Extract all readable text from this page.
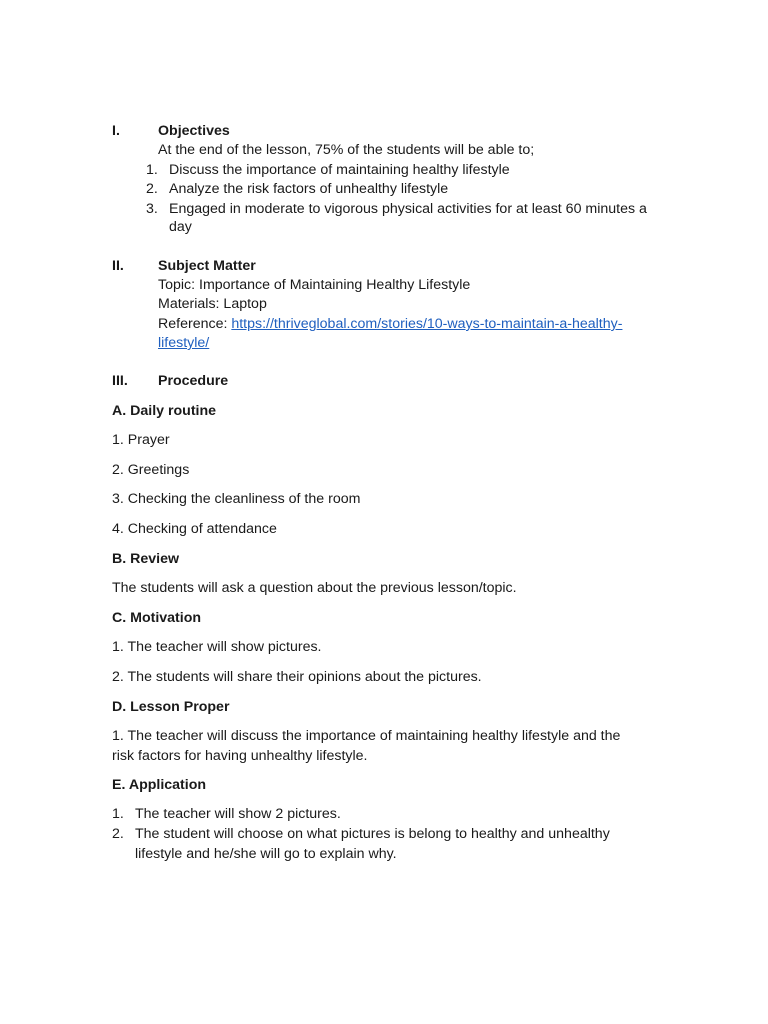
I.	Objectives
At the end of the lesson, 75% of the students will be able to;
1. Discuss the importance of maintaining healthy lifestyle
2. Analyze the risk factors of unhealthy lifestyle
3. Engaged in moderate to vigorous physical activities for at least 60 minutes a
day
II. Subject Matter
Topic: Importance of Maintaining Healthy Lifestyle
Materials: Laptop
Reference: https://thriveglobal.com/stories/10-ways-to-maintain-a-healthy-
lifestyle/
III. Procedure
A. Daily routine
1. Prayer
2. Greetings
3. Checking the cleanliness of the room
4. Checking of attendance
B. Review
The students will ask a question about the previous lesson/topic.
C. Motivation
1. The teacher will show pictures.
2. The students will share their opinions about the pictures.
D. Lesson Proper
1. The teacher will discuss the importance of maintaining healthy lifestyle and the
risk factors for having unhealthy lifestyle.
E. Application
1. The teacher will show 2 pictures.
2. The student will choose on what pictures is belong to healthy and unhealthy
lifestyle and he/she will go to explain why.
